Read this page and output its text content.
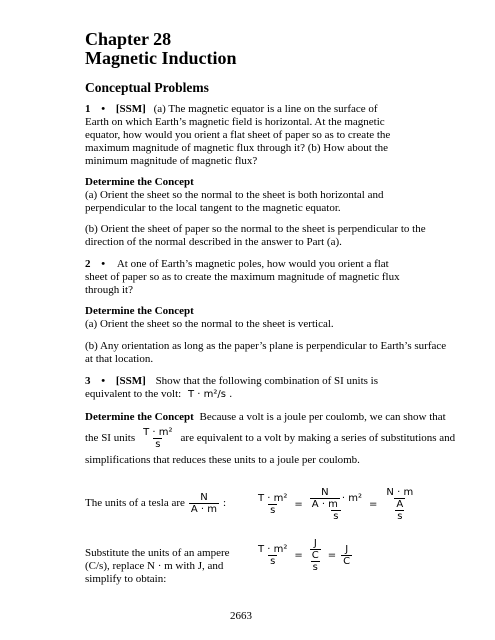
Chapter 28
Magnetic Induction
Conceptual Problems
1 • [SSM] (a) The magnetic equator is a line on the surface of
Earth on which Earth’s magnetic field is horizontal. At the magnetic
equator, how would you orient a flat sheet of paper so as to create the
maximum magnitude of magnetic flux through it? (b) How about the
minimum magnitude of magnetic flux?
Determine the Concept
(a) Orient the sheet so the normal to the sheet is both horizontal and
perpendicular to the local tangent to the magnetic equator.
(b) Orient the sheet of paper so the normal to the sheet is perpendicular to the
direction of the normal described in the answer to Part (a).
2 • At one of Earth’s magnetic poles, how would you orient a flat
sheet of paper so as to create the maximum magnitude of magnetic flux
through it?
Determine the Concept
(a) Orient the sheet so the normal to the sheet is vertical.
(b) Any orientation as long as the paper’s plane is perpendicular to Earth’s surface
at that location.
3 • [SSM] Show that the following combination of SI units is
equivalent to the volt: T · m²/s .
Determine the Concept Because a volt is a joule per coulomb, we can show that
the SI units $\frac{\text{T · m²}}{s}$ are equivalent to a volt by making a series of substitutions and
simplifications that reduces these units to a joule per coulomb.
The units of a tesla are $\frac{N}{A \cdot m}$ :	$\frac{\text{T · m²}}{s} = \frac{\frac{N}{A \cdot m} \cdot m^2}{s} = \frac{\frac{N \cdot m}{A}}{s}$
Substitute the units of an ampere
(C/s), replace N · m with J, and
simplify to obtain:
$\frac{\text{T · m²}}{s} = \frac{\frac{J}{C}}{s} = \frac{J}{C}$
2663
